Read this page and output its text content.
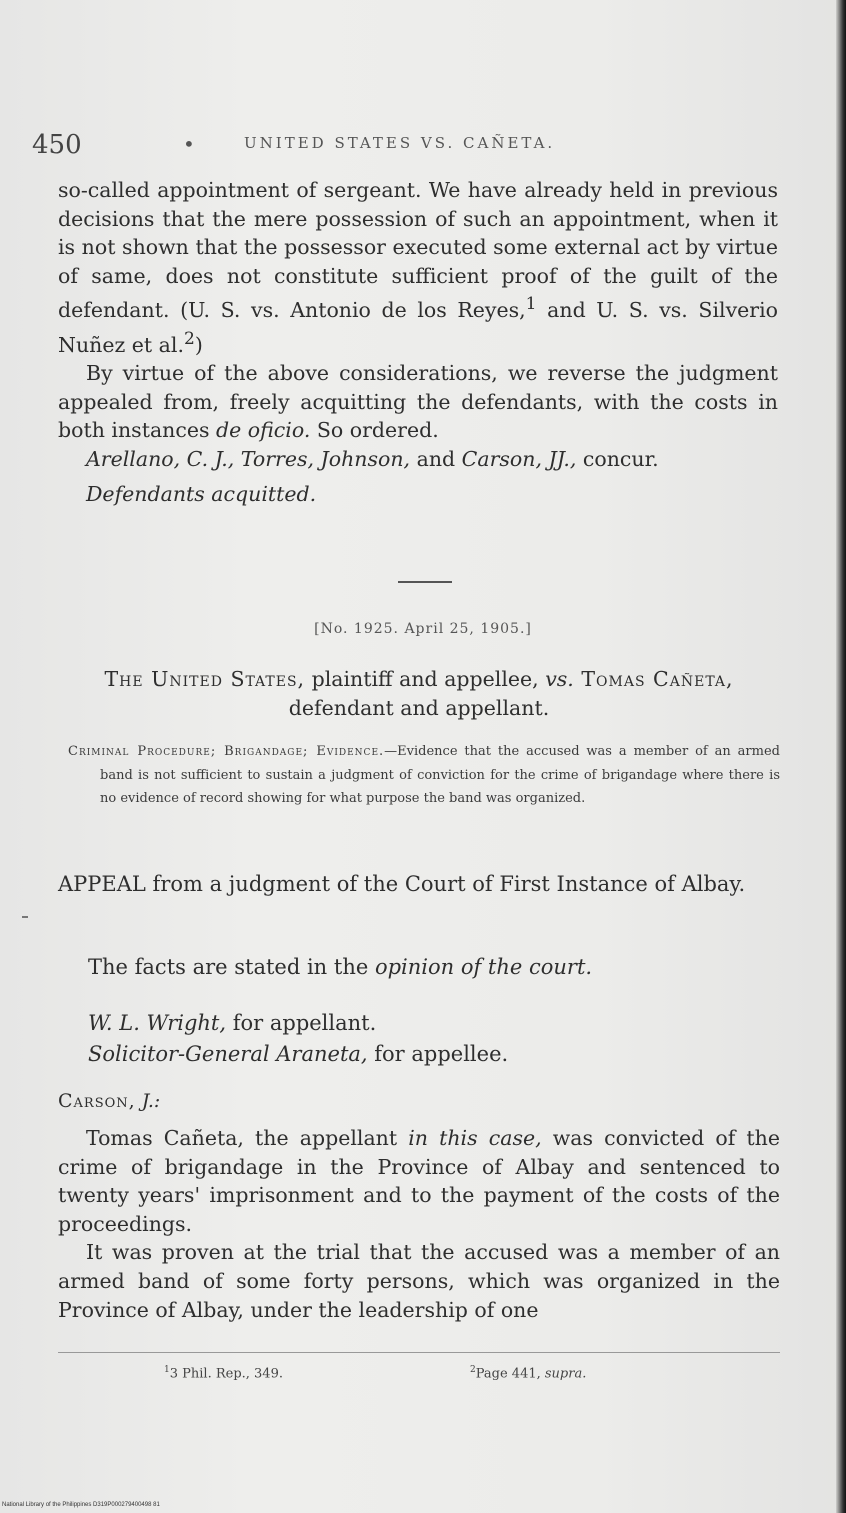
450	•	UNITED STATES VS. CAÑETA.

so-called appointment of sergeant. We have already held in previous decisions that the mere possession of such an appointment, when it is not shown that the possessor executed some external act by virtue of same, does not constitute sufficient proof of the guilt of the defendant. (U. S. vs. Antonio de los Reyes,$^1$ and U. S. vs. Silverio Nuñez et al.$^2$)

By virtue of the above considerations, we reverse the judgment appealed from, freely acquitting the defendants, with the costs in both instances de oficio. So ordered.

Arellano, C. J., Torres, Johnson, and Carson, JJ., concur.

Defendants acquitted.

[No. 1925. April 25, 1905.]
The United States, plaintiff and appellee, vs. Tomas Cañeta, defendant and appellant.
Criminal Procedure; Brigandage; Evidence.—Evidence that the accused was a member of an armed band is not sufficient to sustain a judgment of conviction for the crime of brigandage where there is no evidence of record showing for what purpose the band was organized.
APPEAL from a judgment of the Court of First Instance of Albay.
The facts are stated in the opinion of the court.
W. L. Wright, for appellant.
Solicitor-General Araneta, for appellee.
Carson, J.:

Tomas Cañeta, the appellant in this case, was convicted of the crime of brigandage in the Province of Albay and sentenced to twenty years' imprisonment and to the payment of the costs of the proceedings.

It was proven at the trial that the accused was a member of an armed band of some forty persons, which was organized in the Province of Albay, under the leadership of one

$^1$3 Phil. Rep., 349.	$^2$Page 441, supra.
National Library of the Philippines D319P000279400498 81
